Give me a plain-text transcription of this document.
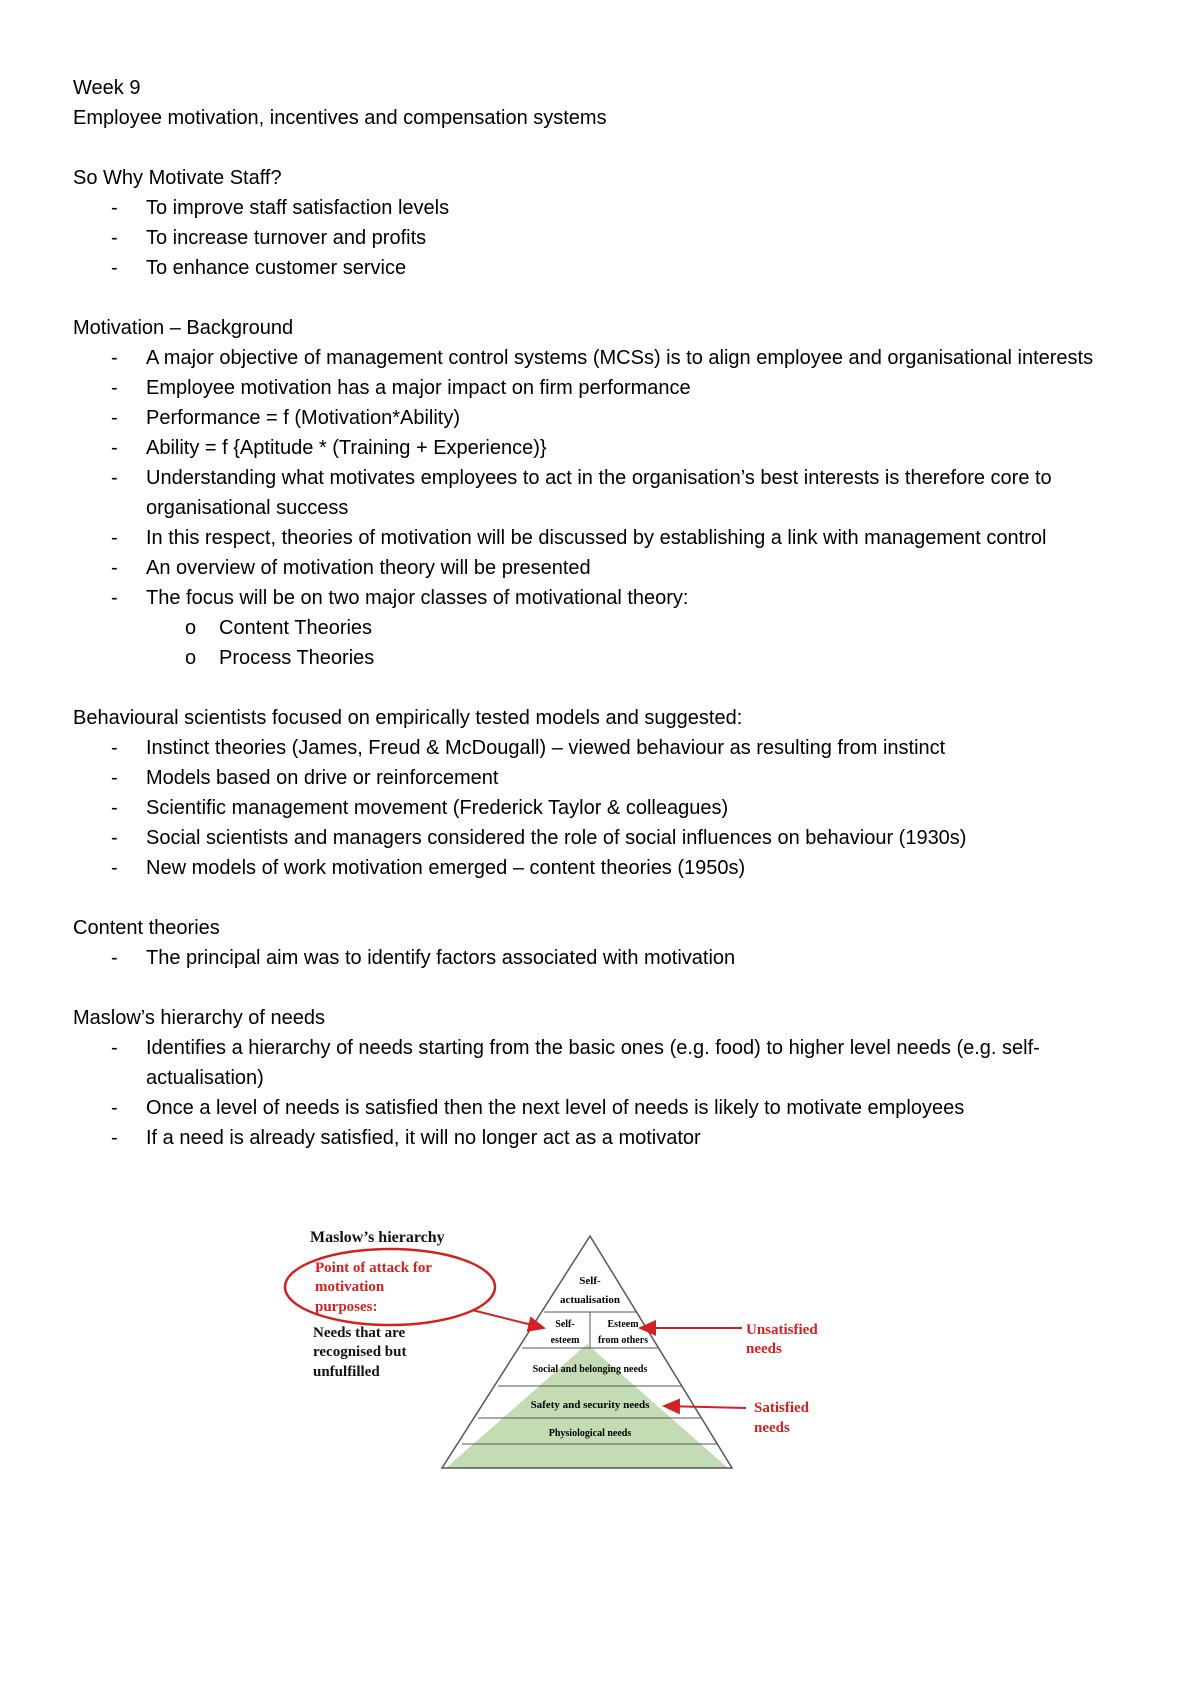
Week 9
Employee motivation, incentives and compensation systems
So Why Motivate Staff?
- To improve staff satisfaction levels
- To increase turnover and profits
- To enhance customer service
Motivation – Background
- A major objective of management control systems (MCSs) is to align employee and organisational interests
- Employee motivation has a major impact on firm performance
- Performance = f (Motivation*Ability)
- Ability = f {Aptitude * (Training + Experience)}
- Understanding what motivates employees to act in the organisation’s best interests is therefore core to organisational success
- In this respect, theories of motivation will be discussed by establishing a link with management control
- An overview of motivation theory will be presented
- The focus will be on two major classes of motivational theory:
o Content Theories
o Process Theories
Behavioural scientists focused on empirically tested models and suggested:
- Instinct theories (James, Freud & McDougall) – viewed behaviour as resulting from instinct
- Models based on drive or reinforcement
- Scientific management movement (Frederick Taylor & colleagues)
- Social scientists and managers considered the role of social influences on behaviour (1930s)
- New models of work motivation emerged – content theories (1950s)
Content theories
- The principal aim was to identify factors associated with motivation
Maslow’s hierarchy of needs
- Identifies a hierarchy of needs starting from the basic ones (e.g. food) to higher level needs (e.g. self-actualisation)
- Once a level of needs is satisfied then the next level of needs is likely to motivate employees
- If a need is already satisfied, it will no longer act as a motivator
Self-
actualisation
Self-
esteem
Esteem
from others
Social and belonging needs
Safety and security needs
Physiological needs
Maslow’s hierarchy
Point of attack for
motivation
purposes:
Needs that are
recognised but
unfulfilled
Unsatisfied
needs
Satisfied
needs
